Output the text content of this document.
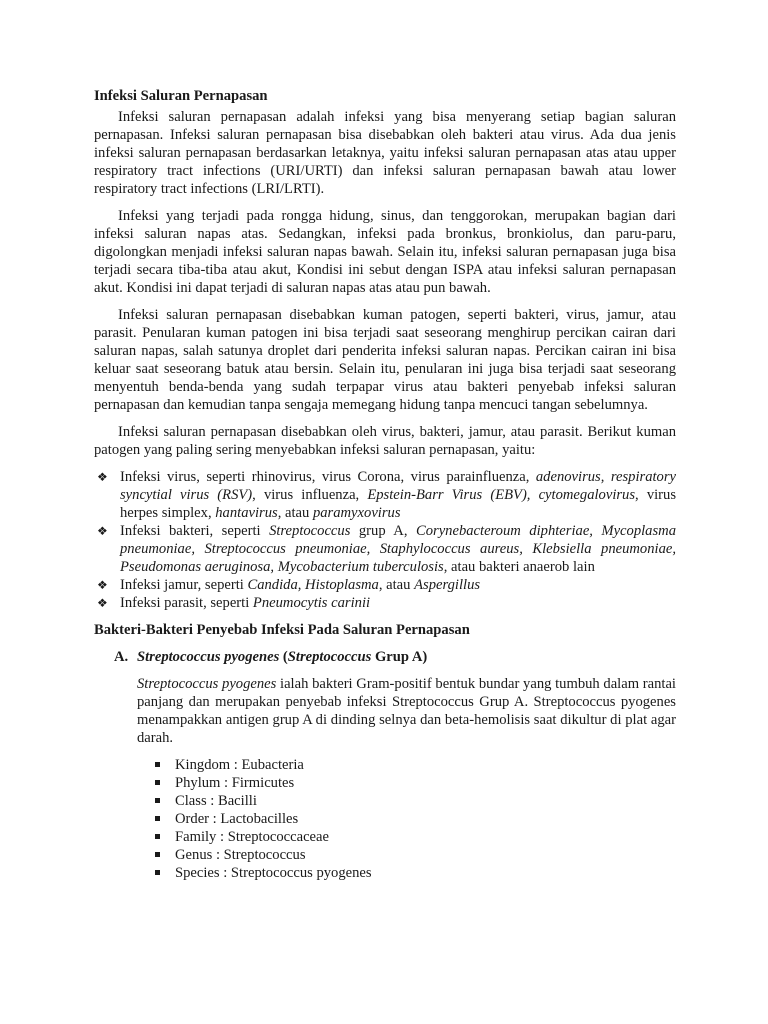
Infeksi Saluran Pernapasan

Infeksi saluran pernapasan adalah infeksi yang bisa menyerang setiap bagian saluran pernapasan. Infeksi saluran pernapasan bisa disebabkan oleh bakteri atau virus. Ada dua jenis infeksi saluran pernapasan berdasarkan letaknya, yaitu infeksi saluran pernapasan atas atau upper respiratory tract infections (URI/URTI) dan infeksi saluran pernapasan bawah atau lower respiratory tract infections (LRI/LRTI).

Infeksi yang terjadi pada rongga hidung, sinus, dan tenggorokan, merupakan bagian dari infeksi saluran napas atas. Sedangkan, infeksi pada bronkus, bronkiolus, dan paru-paru, digolongkan menjadi infeksi saluran napas bawah. Selain itu, infeksi saluran pernapasan juga bisa terjadi secara tiba-tiba atau akut, Kondisi ini sebut dengan ISPA atau infeksi saluran pernapasan akut. Kondisi ini dapat terjadi di saluran napas atas atau pun bawah.

Infeksi saluran pernapasan disebabkan kuman patogen, seperti bakteri, virus, jamur, atau parasit. Penularan kuman patogen ini bisa terjadi saat seseorang menghirup percikan cairan dari saluran napas, salah satunya droplet dari penderita infeksi saluran napas. Percikan cairan ini bisa keluar saat seseorang batuk atau bersin. Selain itu, penularan ini juga bisa terjadi saat seseorang menyentuh benda-benda yang sudah terpapar virus atau bakteri penyebab infeksi saluran pernapasan dan kemudian tanpa sengaja memegang hidung tanpa mencuci tangan sebelumnya.

Infeksi saluran pernapasan disebabkan oleh virus, bakteri, jamur, atau parasit. Berikut kuman patogen yang paling sering menyebabkan infeksi saluran pernapasan, yaitu:

❖ Infeksi virus, seperti rhinovirus, virus Corona, virus parainfluenza, adenovirus, respiratory syncytial virus (RSV), virus influenza, Epstein-Barr Virus (EBV), cytomegalovirus, virus herpes simplex, hantavirus, atau paramyxovirus
❖ Infeksi bakteri, seperti Streptococcus grup A, Corynebacteroum diphteriae, Mycoplasma pneumoniae, Streptococcus pneumoniae, Staphylococcus aureus, Klebsiella pneumoniae, Pseudomonas aeruginosa, Mycobacterium tuberculosis, atau bakteri anaerob lain
❖ Infeksi jamur, seperti Candida, Histoplasma, atau Aspergillus
❖ Infeksi parasit, seperti Pneumocytis carinii
Bakteri-Bakteri Penyebab Infeksi Pada Saluran Pernapasan
A. Streptococcus pyogenes (Streptococcus Grup A)

Streptococcus pyogenes ialah bakteri Gram-positif bentuk bundar yang tumbuh dalam rantai panjang dan merupakan penyebab infeksi Streptococcus Grup A. Streptococcus pyogenes menampakkan antigen grup A di dinding selnya dan beta-hemolisis saat dikultur di plat agar darah.

Kingdom : Eubacteria
Phylum : Firmicutes
Class : Bacilli
Order : Lactobacilles
Family : Streptococcaceae
Genus : Streptococcus
Species : Streptococcus pyogenes
